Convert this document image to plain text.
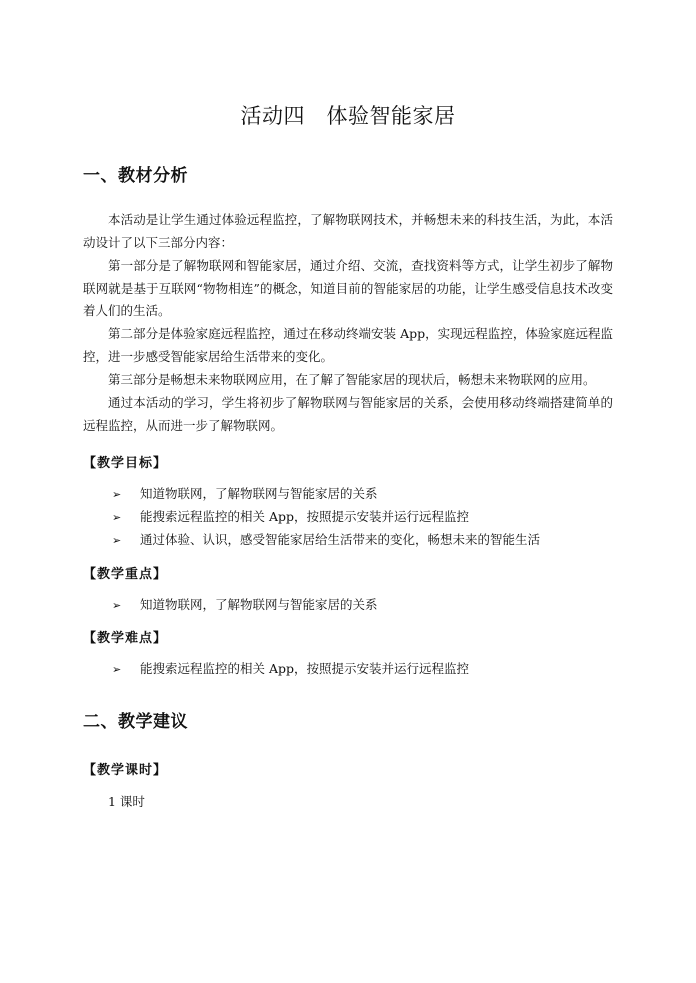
活动四　体验智能家居
一、教材分析

本活动是让学生通过体验远程监控，了解物联网技术，并畅想未来的科技生活，为此，本活动设计了以下三部分内容：

第一部分是了解物联网和智能家居，通过介绍、交流，查找资料等方式，让学生初步了解物联网就是基于互联网“物物相连”的概念，知道目前的智能家居的功能，让学生感受信息技术改变着人们的生活。

第二部分是体验家庭远程监控，通过在移动终端安装 App，实现远程监控，体验家庭远程监控，进一步感受智能家居给生活带来的变化。

第三部分是畅想未来物联网应用，在了解了智能家居的现状后，畅想未来物联网的应用。

通过本活动的学习，学生将初步了解物联网与智能家居的关系，会使用移动终端搭建简单的远程监控，从而进一步了解物联网。

【教学目标】
➢ 知道物联网，了解物联网与智能家居的关系
➢ 能搜索远程监控的相关 App，按照提示安装并运行远程监控
➢ 通过体验、认识，感受智能家居给生活带来的变化，畅想未来的智能生活
【教学重点】
➢ 知道物联网，了解物联网与智能家居的关系
【教学难点】
➢ 能搜索远程监控的相关 App，按照提示安装并运行远程监控
二、教学建议
【教学课时】
1 课时
